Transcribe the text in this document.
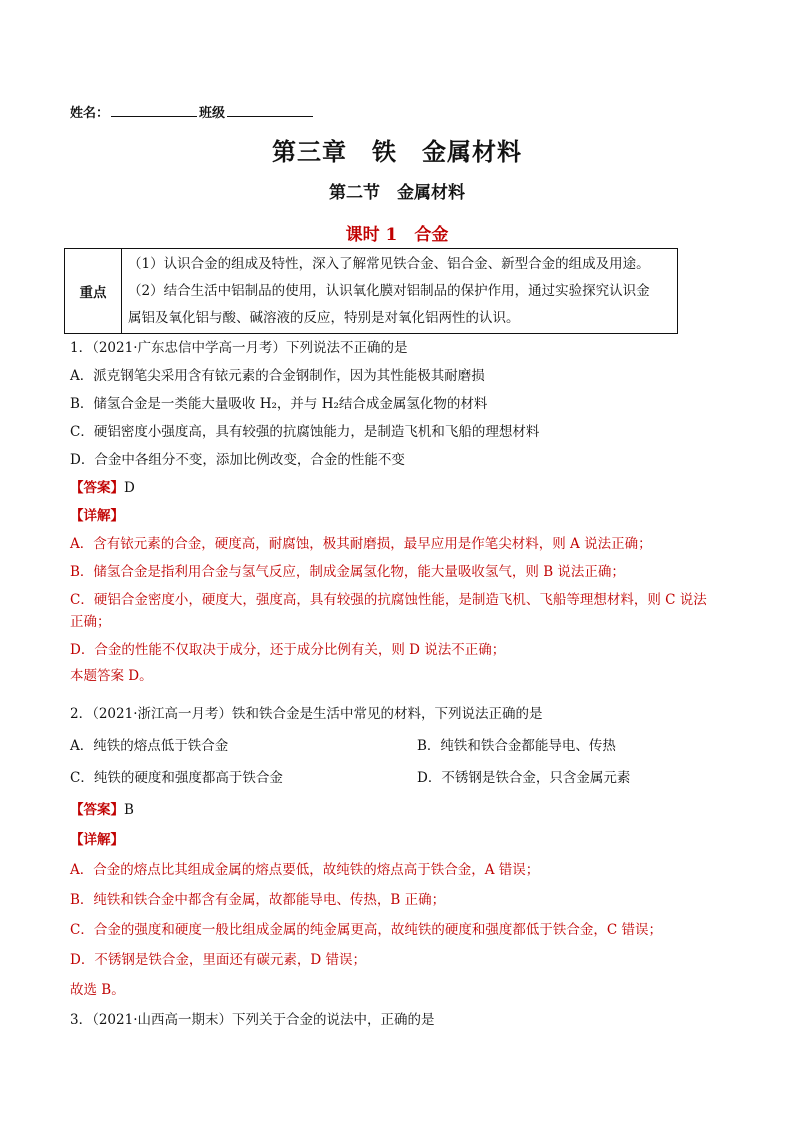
姓名：	班级
第三章　铁　金属材料
第二节　金属材料
课时 1　合金
重点
（1）认识合金的组成及特性，深入了解常见铁合金、铝合金、新型合金的组成及用途。
（2）结合生活中铝制品的使用，认识氧化膜对铝制品的保护作用，通过实验探究认识金
属铝及氧化铝与酸、碱溶液的反应，特别是对氧化铝两性的认识。
1．（2021·广东忠信中学高一月考）下列说法不正确的是
A．派克钢笔尖采用含有铱元素的合金钢制作，因为其性能极其耐磨损
B．储氢合金是一类能大量吸收 H₂，并与 H₂结合成金属氢化物的材料
C．硬铝密度小强度高，具有较强的抗腐蚀能力，是制造飞机和飞船的理想材料
D．合金中各组分不变，添加比例改变，合金的性能不变
【答案】D
【详解】
A．含有铱元素的合金，硬度高，耐腐蚀，极其耐磨损，最早应用是作笔尖材料，则 A 说法正确；
B．储氢合金是指利用合金与氢气反应，制成金属氢化物，能大量吸收氢气，则 B 说法正确；
C．硬铝合金密度小，硬度大，强度高，具有较强的抗腐蚀性能，是制造飞机、飞船等理想材料，则 C 说法
正确；
D．合金的性能不仅取决于成分，还于成分比例有关，则 D 说法不正确；
本题答案 D。
2．（2021·浙江高一月考）铁和铁合金是生活中常见的材料，下列说法正确的是
A．纯铁的熔点低于铁合金	B．纯铁和铁合金都能导电、传热
C．纯铁的硬度和强度都高于铁合金	D．不锈钢是铁合金，只含金属元素
【答案】B
【详解】
A．合金的熔点比其组成金属的熔点要低，故纯铁的熔点高于铁合金，A 错误；
B．纯铁和铁合金中都含有金属，故都能导电、传热，B 正确；
C．合金的强度和硬度一般比组成金属的纯金属更高，故纯铁的硬度和强度都低于铁合金，C 错误；
D．不锈钢是铁合金，里面还有碳元素，D 错误；
故选 B。
3．（2021·山西高一期末）下列关于合金的说法中，正确的是
